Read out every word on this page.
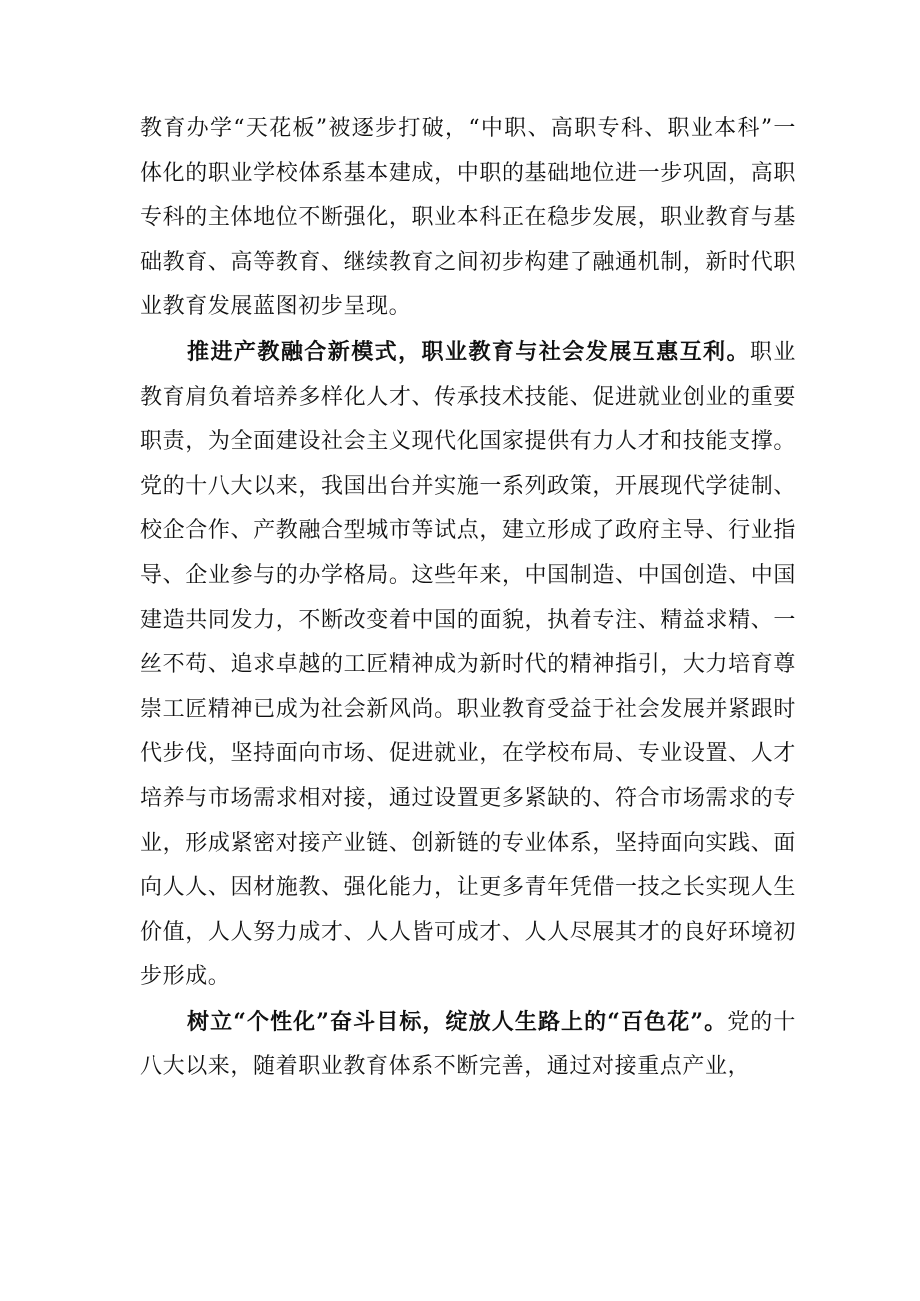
教育办学“天花板”被逐步打破，“中职、高职专科、职业本科”一体化的职业学校体系基本建成，中职的基础地位进一步巩固，高职专科的主体地位不断强化，职业本科正在稳步发展，职业教育与基础教育、高等教育、继续教育之间初步构建了融通机制，新时代职业教育发展蓝图初步呈现。

推进产教融合新模式，职业教育与社会发展互惠互利。职业教育肩负着培养多样化人才、传承技术技能、促进就业创业的重要职责，为全面建设社会主义现代化国家提供有力人才和技能支撑。党的十八大以来，我国出台并实施一系列政策，开展现代学徒制、校企合作、产教融合型城市等试点，建立形成了政府主导、行业指导、企业参与的办学格局。这些年来，中国制造、中国创造、中国建造共同发力，不断改变着中国的面貌，执着专注、精益求精、一丝不苟、追求卓越的工匠精神成为新时代的精神指引，大力培育尊崇工匠精神已成为社会新风尚。职业教育受益于社会发展并紧跟时代步伐，坚持面向市场、促进就业，在学校布局、专业设置、人才培养与市场需求相对接，通过设置更多紧缺的、符合市场需求的专业，形成紧密对接产业链、创新链的专业体系，坚持面向实践、面向人人、因材施教、强化能力，让更多青年凭借一技之长实现人生价值，人人努力成才、人人皆可成才、人人尽展其才的良好环境初步形成。

树立“个性化”奋斗目标，绽放人生路上的“百色花”。党的十八大以来，随着职业教育体系不断完善，通过对接重点产业，
